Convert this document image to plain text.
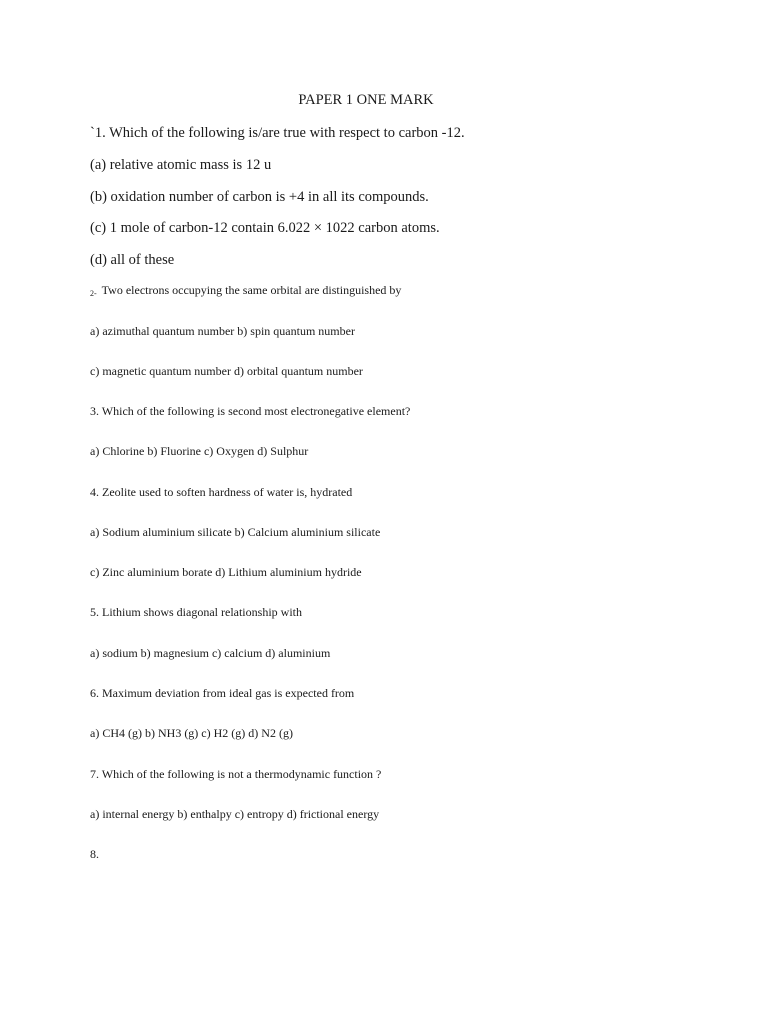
PAPER 1 ONE MARK

`1. Which of the following is/are true with respect to carbon -12.

(a) relative atomic mass is 12 u

(b) oxidation number of carbon is +4 in all its compounds.

(c) 1 mole of carbon-12 contain 6.022 × 1022 carbon atoms.

(d) all of these

2- Two electrons occupying the same orbital are distinguished by

a) azimuthal quantum number b) spin quantum number

c) magnetic quantum number d) orbital quantum number

3. Which of the following is second most electronegative element?

a) Chlorine b) Fluorine c) Oxygen d) Sulphur

4. Zeolite used to soften hardness of water is, hydrated

a) Sodium aluminium silicate b) Calcium aluminium silicate

c) Zinc aluminium borate d) Lithium aluminium hydride

5. Lithium shows diagonal relationship with

a) sodium b) magnesium c) calcium d) aluminium

6. Maximum deviation from ideal gas is expected from

a) CH4 (g) b) NH3 (g) c) H2 (g) d) N2 (g)

7. Which of the following is not a thermodynamic function ?

a) internal energy b) enthalpy c) entropy d) frictional energy

8.
